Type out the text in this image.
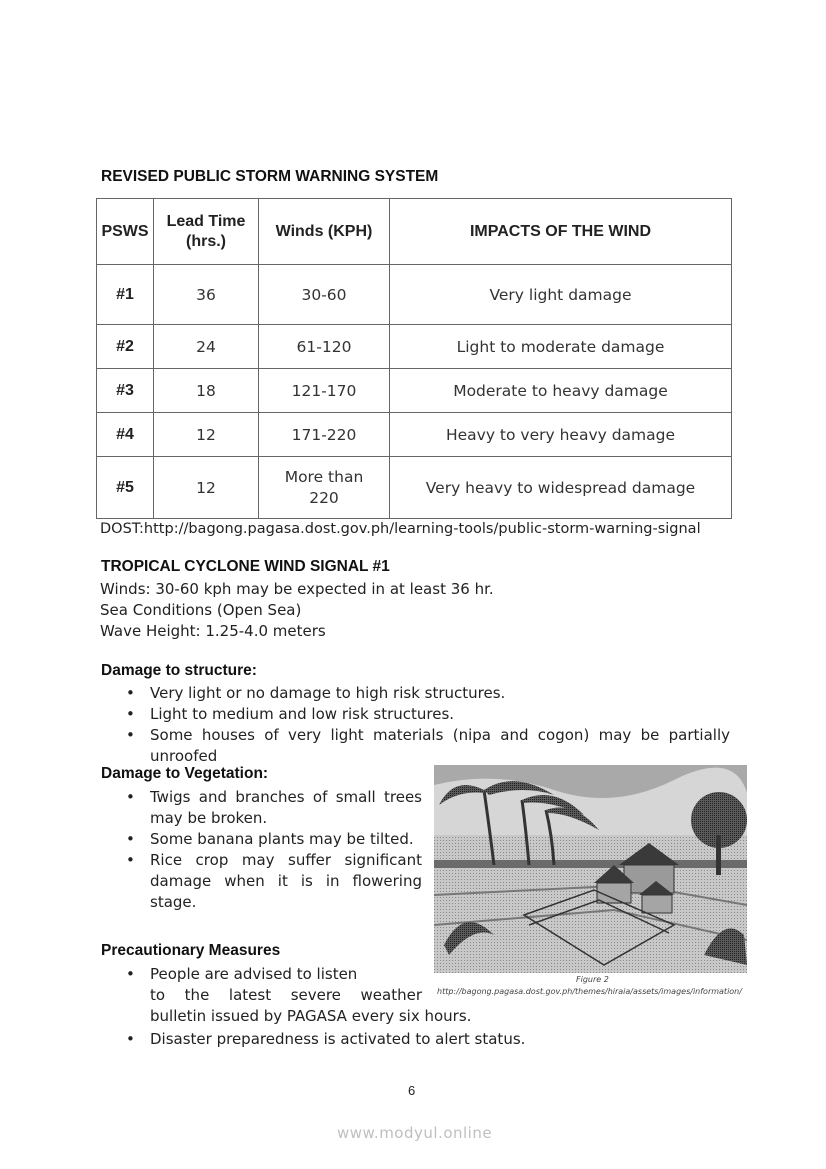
REVISED PUBLIC STORM WARNING SYSTEM
PSWS	Lead Time (hrs.)	Winds (KPH)	IMPACTS OF THE WIND
#1	36	30-60	Very light damage
#2	24	61-120	Light to moderate damage
#3	18	121-170	Moderate to heavy damage
#4	12	171-220	Heavy to very heavy damage
#5	12	More than 220	Very heavy to widespread damage
DOST:http://bagong.pagasa.dost.gov.ph/learning-tools/public-storm-warning-signal
TROPICAL CYCLONE WIND SIGNAL #1
Winds: 30-60 kph may be expected in at least 36 hr.
Sea Conditions (Open Sea)
Wave Height: 1.25-4.0 meters
Damage to structure:
• Very light or no damage to high risk structures.
• Light to medium and low risk structures.
• Some houses of very light materials (nipa and cogon) may be partially unroofed
Damage to Vegetation:
• Twigs and branches of small trees may be broken.
• Some banana plants may be tilted.
• Rice crop may suffer significant damage when it is in flowering stage.
Precautionary Measures
• People are advised to listen	Figure 2
http://bagong.pagasa.dost.gov.ph/themes/hiraia/assets/images/information/
to the latest severe weather
bulletin issued by PAGASA every six hours.
• Disaster preparedness is activated to alert status.
6
www.modyul.online
